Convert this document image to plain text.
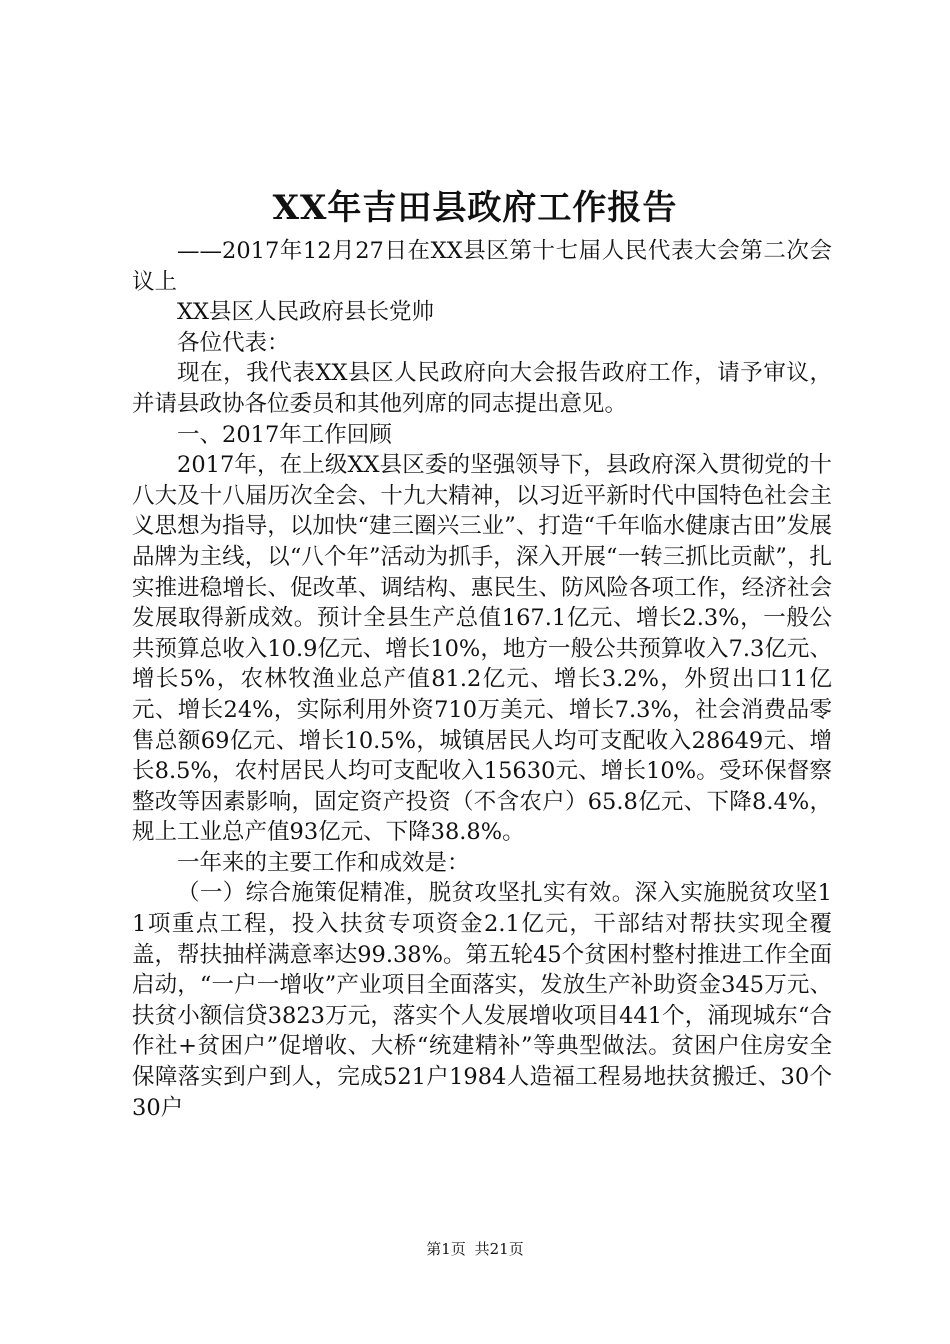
XX年吉田县政府工作报告

——2017年12月27日在XX县区第十七届人民代表大会第二次会议上

XX县区人民政府县长党帅

各位代表：

现在，我代表XX县区人民政府向大会报告政府工作，请予审议，并请县政协各位委员和其他列席的同志提出意见。

一、2017年工作回顾

2017年，在上级XX县区委的坚强领导下，县政府深入贯彻党的十八大及十八届历次全会、十九大精神，以习近平新时代中国特色社会主义思想为指导，以加快“建三圈兴三业”、打造“千年临水健康古田”发展品牌为主线，以“八个年”活动为抓手，深入开展“一转三抓比贡献”，扎实推进稳增长、促改革、调结构、惠民生、防风险各项工作，经济社会发展取得新成效。预计全县生产总值167.1亿元、增长2.3%，一般公共预算总收入10.9亿元、增长10%，地方一般公共预算收入7.3亿元、增长5%，农林牧渔业总产值81.2亿元、增长3.2%，外贸出口11亿元、增长24%，实际利用外资710万美元、增长7.3%，社会消费品零售总额69亿元、增长10.5%，城镇居民人均可支配收入28649元、增长8.5%，农村居民人均可支配收入15630元、增长10%。受环保督察整改等因素影响，固定资产投资（不含农户）65.8亿元、下降8.4%，规上工业总产值93亿元、下降38.8%。

一年来的主要工作和成效是：

（一）综合施策促精准，脱贫攻坚扎实有效。深入实施脱贫攻坚11项重点工程，投入扶贫专项资金2.1亿元，干部结对帮扶实现全覆盖，帮扶抽样满意率达99.38%。第五轮45个贫困村整村推进工作全面启动，“一户一增收”产业项目全面落实，发放生产补助资金345万元、扶贫小额信贷3823万元，落实个人发展增收项目441个，涌现城东“合作社+贫困户”促增收、大桥“统建精补”等典型做法。贫困户住房安全保障落实到户到人，完成521户1984人造福工程易地扶贫搬迁、30个30户

第1页 共21页
